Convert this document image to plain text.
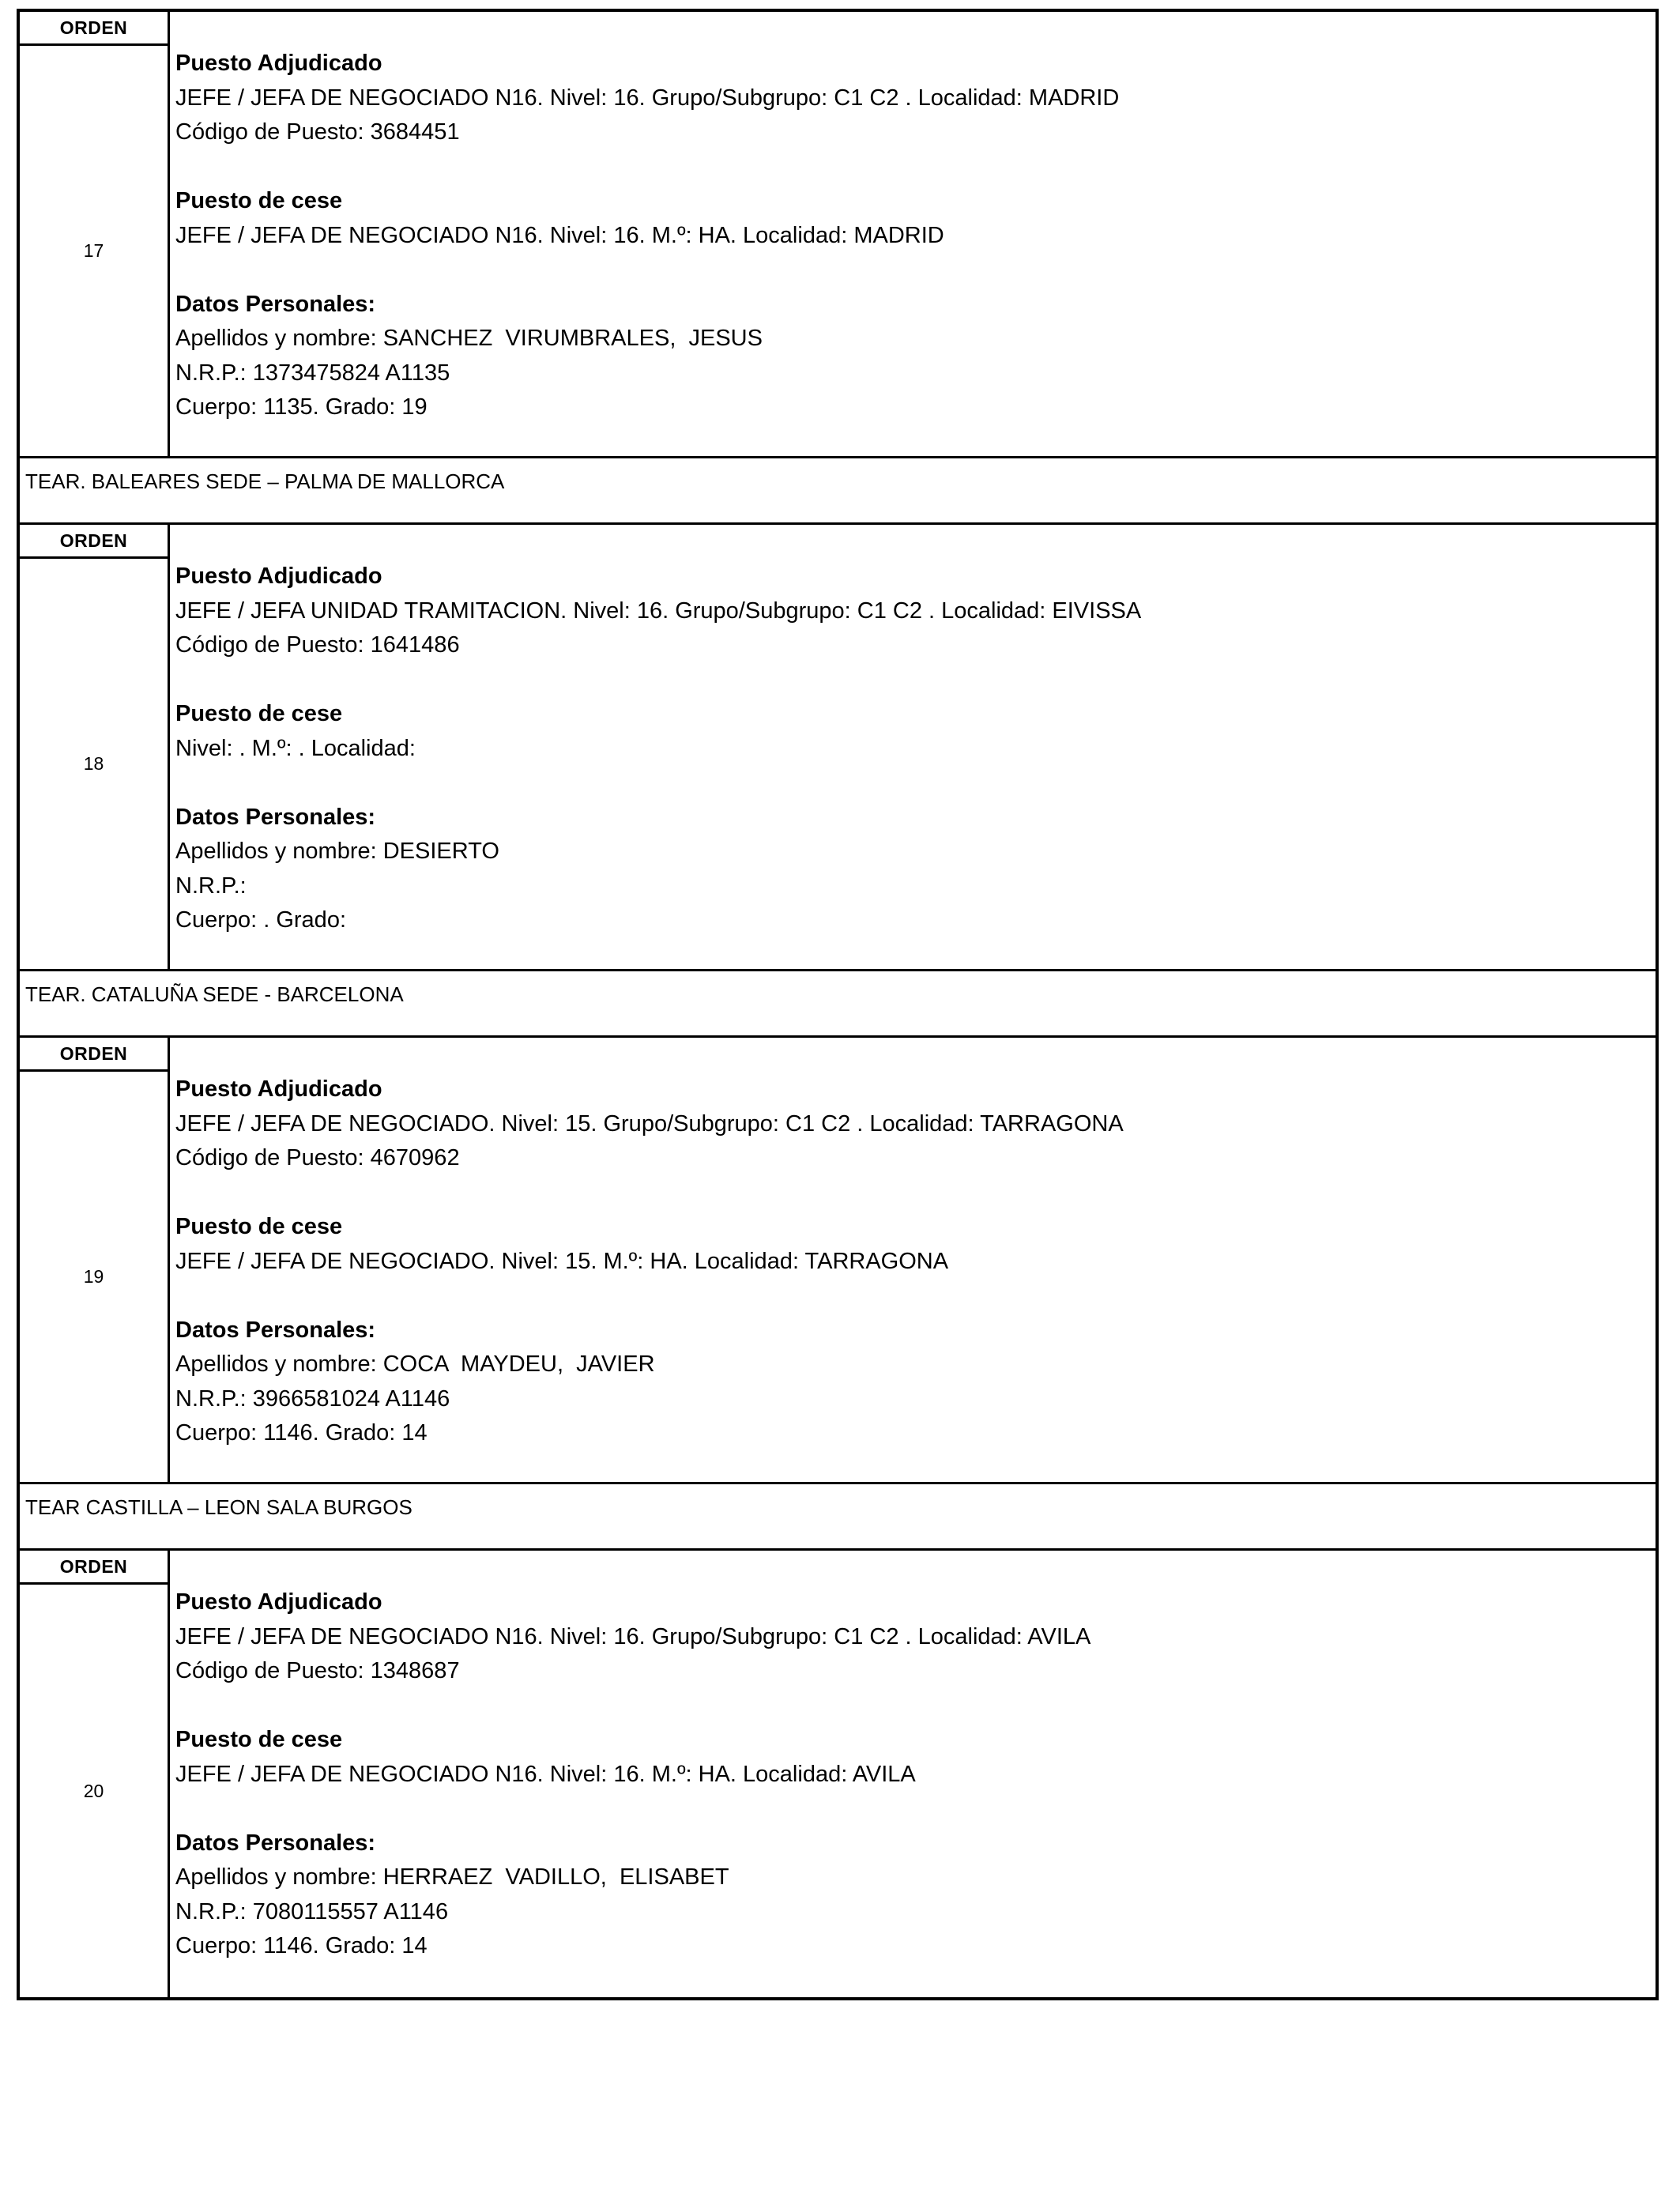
ORDEN
17
Puesto Adjudicado
JEFE / JEFA DE NEGOCIADO N16. Nivel: 16. Grupo/Subgrupo: C1 C2 . Localidad: MADRID
Código de Puesto: 3684451
Puesto de cese
JEFE / JEFA DE NEGOCIADO N16. Nivel: 16. M.º: HA. Localidad: MADRID
Datos Personales:
Apellidos y nombre: SANCHEZ  VIRUMBRALES,  JESUS
N.R.P.: 1373475824 A1135
Cuerpo: 1135. Grado: 19
TEAR. BALEARES SEDE – PALMA DE MALLORCA
ORDEN
18
Puesto Adjudicado
JEFE / JEFA UNIDAD TRAMITACION. Nivel: 16. Grupo/Subgrupo: C1 C2 . Localidad: EIVISSA
Código de Puesto: 1641486
Puesto de cese
Nivel: . M.º: . Localidad:
Datos Personales:
Apellidos y nombre: DESIERTO
N.R.P.:
Cuerpo: . Grado:
TEAR. CATALUÑA SEDE - BARCELONA
ORDEN
19
Puesto Adjudicado
JEFE / JEFA DE NEGOCIADO. Nivel: 15. Grupo/Subgrupo: C1 C2 . Localidad: TARRAGONA
Código de Puesto: 4670962
Puesto de cese
JEFE / JEFA DE NEGOCIADO. Nivel: 15. M.º: HA. Localidad: TARRAGONA
Datos Personales:
Apellidos y nombre: COCA  MAYDEU,  JAVIER
N.R.P.: 3966581024 A1146
Cuerpo: 1146. Grado: 14
TEAR CASTILLA – LEON SALA BURGOS
ORDEN
20
Puesto Adjudicado
JEFE / JEFA DE NEGOCIADO N16. Nivel: 16. Grupo/Subgrupo: C1 C2 . Localidad: AVILA
Código de Puesto: 1348687
Puesto de cese
JEFE / JEFA DE NEGOCIADO N16. Nivel: 16. M.º: HA. Localidad: AVILA
Datos Personales:
Apellidos y nombre: HERRAEZ  VADILLO,  ELISABET
N.R.P.: 7080115557 A1146
Cuerpo: 1146. Grado: 14
